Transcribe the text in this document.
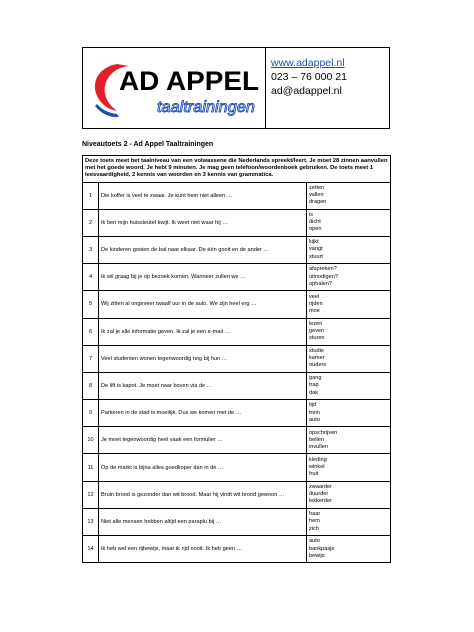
AD APPEL
taaltrainingen
www.adappel.nl
023 – 76 000 21
ad@adappel.nl
Niveautoets 2 - Ad Appel Taaltrainingen
Deze toets meet het taalniveau van een volwassene die Nederlands spreekt/leert. Je moet 28 zinnen aanvullen met het goede woord. Je hebt 9 minuten. Je mag geen telefoon/woordenboek gebruiken. De toets meet 1 leesvaardigheid, 2 kennis van woorden en 3 kennis van grammatica.		
1	Die koffer is veel te zwaar. Je kunt hem niet alleen …	zetten
vallen
dragen

2	Ik ben mijn huissleutel kwijt. Ik weet niet waar hij …	is
dicht
open

3	De kinderen gooien de bal naar elkaar. De één gooit en de ander …	kijkt
vangt
stuurt

4	Ik wil graag bij je op bezoek komen. Wanneer zullen we …	afspreken?
uitnodigen?
ophalen?

5	Wij zitten al ongeveer twaalf uur in de auto. We zijn heel erg …	veel
rijden
moe

6	Ik zal je alle informatie geven. Ik zal je een e-mail …	lezen
geven
sturen

7	Veel studenten wonen tegenwoordig nog bij hun …	studie
kamer
ouders

8	De lift is kapot. Je moet naar boven via de …	gang
trap
dak

9	Parkeren in de stad is moeilijk. Dus we komen met de …	tijd
trein
auto

10	Je moet tegenwoordig heel vaak een formulier …	opschrijven
bellen
invullen

11	Op de markt is bijna alles goedkoper dan in de …	kleding
winkel
fruit

12	Bruin brood is gezonder dan wit brood. Maar hij vindt wit brood gewoon …	zwaarder
duurder
lekkerder

13	Niet alle mensen hebben altijd een paraplu bij …	haar
hem
zich

14	Ik heb wel een rijbewijs, maar ik rijd nooit. Ik heb geen …	auto
bankpasje
bewijs
